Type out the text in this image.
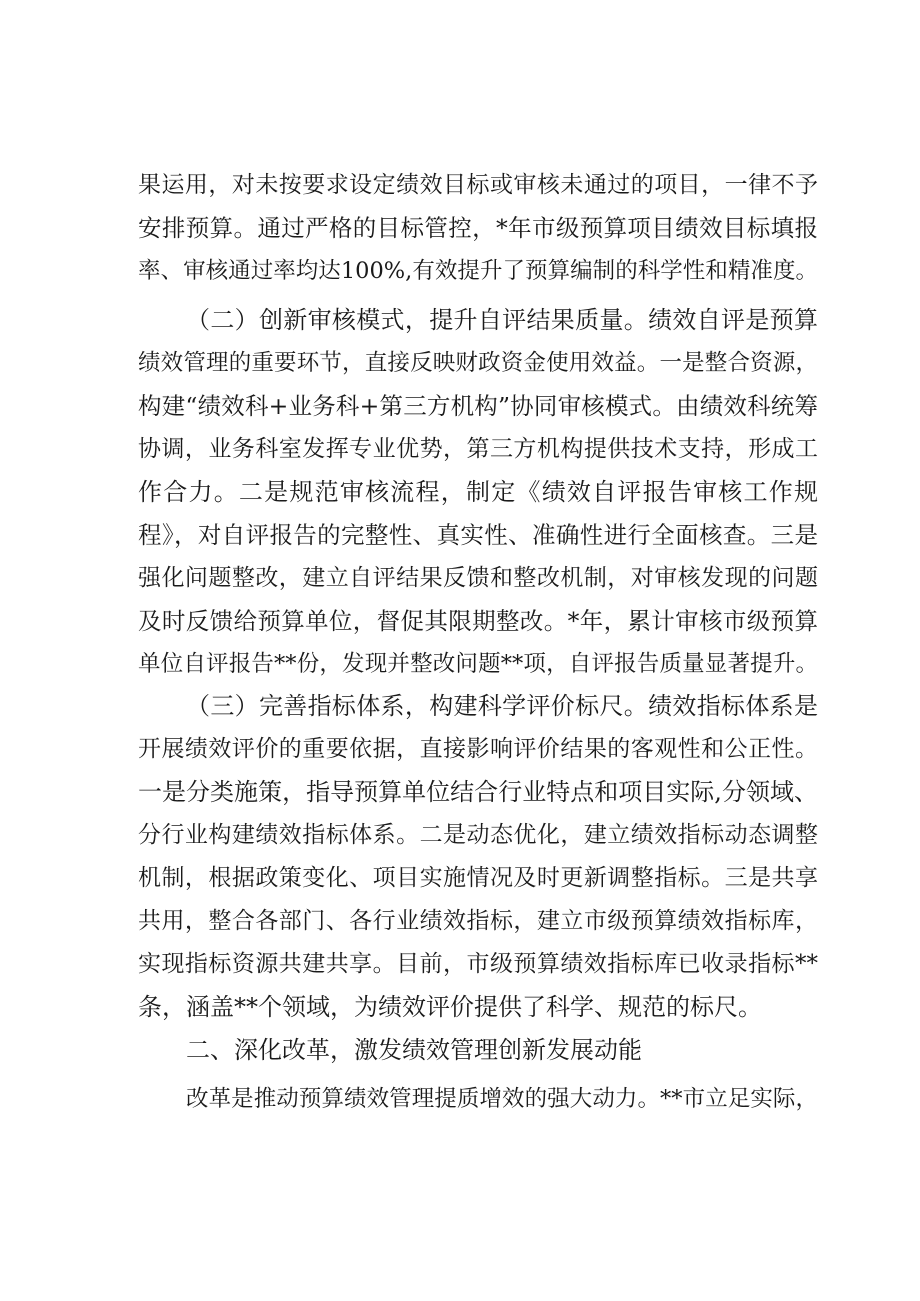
果运用，对未按要求设定绩效目标或审核未通过的项目，一律不予
安排预算。通过严格的目标管控，*年市级预算项目绩效目标填报
率、审核通过率均达100%,有效提升了预算编制的科学性和精准度。
（二）创新审核模式，提升自评结果质量。绩效自评是预算
绩效管理的重要环节，直接反映财政资金使用效益。一是整合资源，
构建“绩效科+业务科+第三方机构”协同审核模式。由绩效科统筹
协调，业务科室发挥专业优势，第三方机构提供技术支持，形成工
作合力。二是规范审核流程，制定《绩效自评报告审核工作规
程》，对自评报告的完整性、真实性、准确性进行全面核查。三是
强化问题整改，建立自评结果反馈和整改机制，对审核发现的问题
及时反馈给预算单位，督促其限期整改。*年，累计审核市级预算
单位自评报告**份，发现并整改问题**项，自评报告质量显著提升。
（三）完善指标体系，构建科学评价标尺。绩效指标体系是
开展绩效评价的重要依据，直接影响评价结果的客观性和公正性。
一是分类施策，指导预算单位结合行业特点和项目实际,分领域、
分行业构建绩效指标体系。二是动态优化，建立绩效指标动态调整
机制，根据政策变化、项目实施情况及时更新调整指标。三是共享
共用，整合各部门、各行业绩效指标，建立市级预算绩效指标库，
实现指标资源共建共享。目前，市级预算绩效指标库已收录指标**
条，涵盖**个领域，为绩效评价提供了科学、规范的标尺。
二、深化改革，激发绩效管理创新发展动能
改革是推动预算绩效管理提质增效的强大动力。**市立足实际，
